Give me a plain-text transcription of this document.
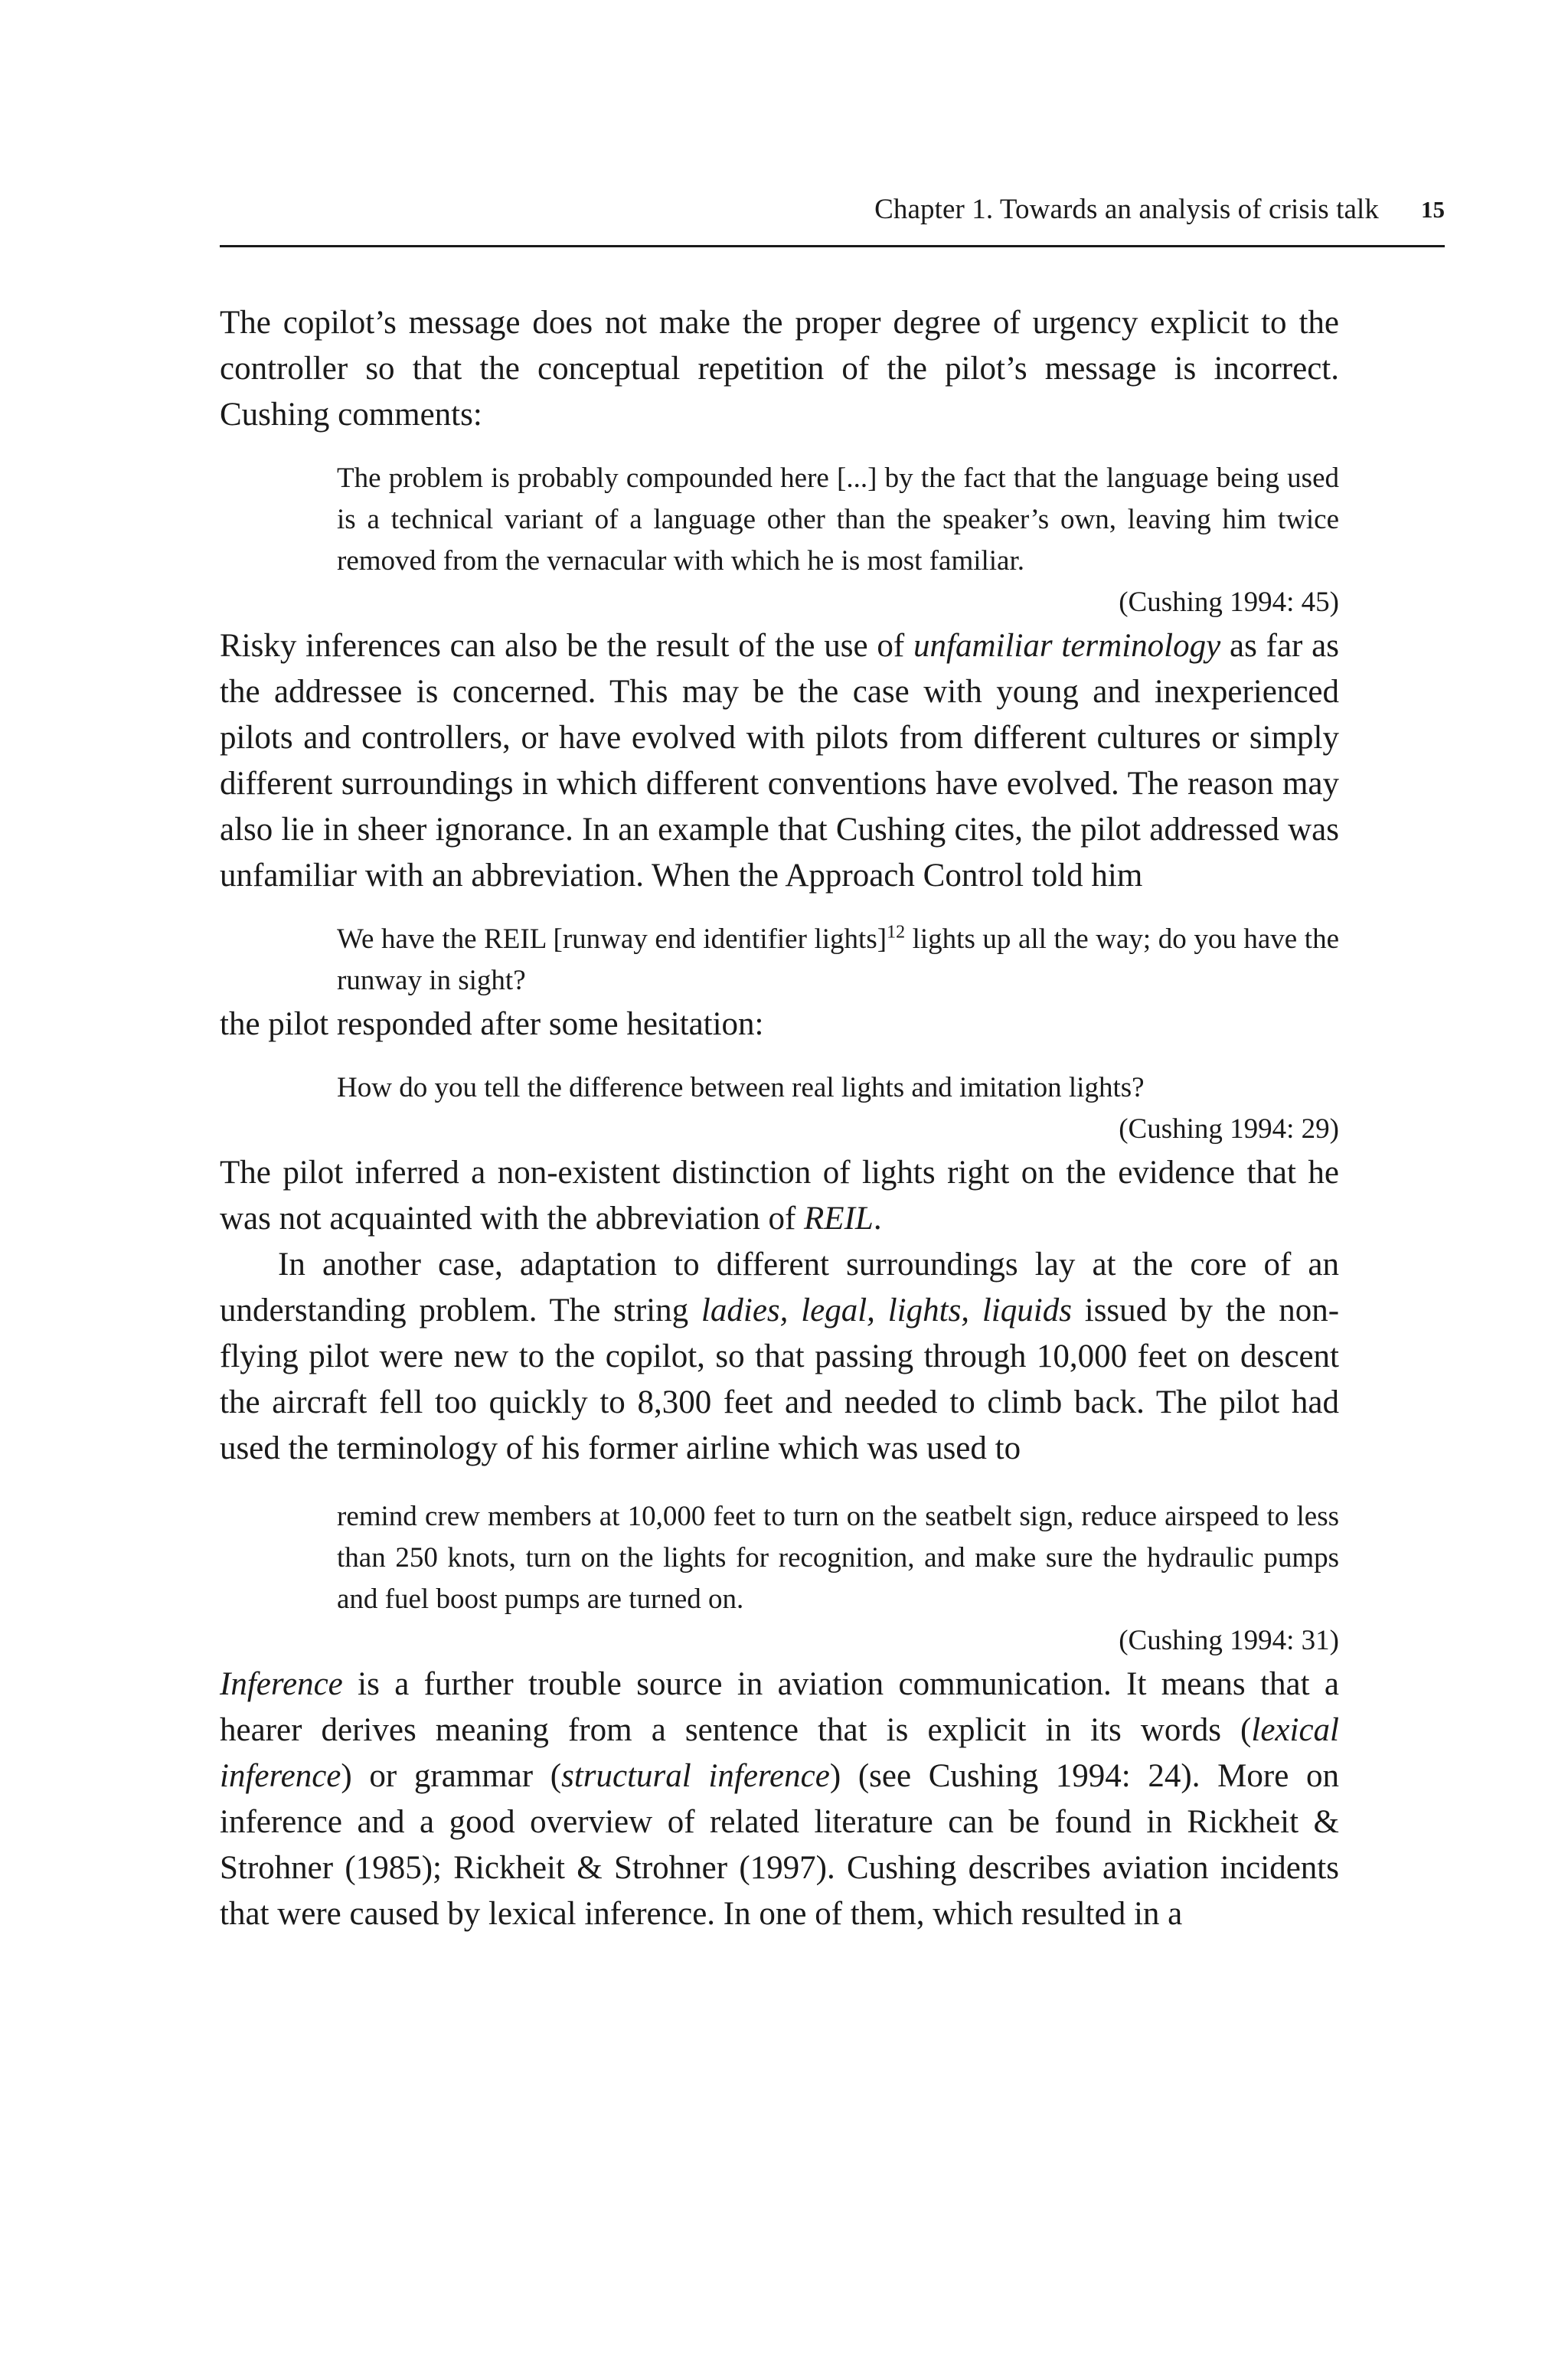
Chapter 1. Towards an analysis of crisis talk 15

The copilot’s message does not make the proper degree of urgency explicit to the controller so that the conceptual repetition of the pilot’s message is incorrect. Cushing comments:

The problem is probably compounded here [...] by the fact that the language being used is a technical variant of a language other than the speaker’s own, leaving him twice removed from the vernacular with which he is most familiar.
(Cushing 1994: 45)

Risky inferences can also be the result of the use of unfamiliar terminology as far as the addressee is concerned. This may be the case with young and inexperienced pilots and controllers, or have evolved with pilots from different cultures or simply different surroundings in which different conventions have evolved. The reason may also lie in sheer ignorance. In an example that Cushing cites, the pilot addressed was unfamiliar with an abbreviation. When the Approach Control told him

We have the REIL [runway end identifier lights]$^{12}$ lights up all the way; do you have the runway in sight?

the pilot responded after some hesitation:

How do you tell the difference between real lights and imitation lights?
(Cushing 1994: 29)

The pilot inferred a non-existent distinction of lights right on the evidence that he was not acquainted with the abbreviation of REIL.

In another case, adaptation to different surroundings lay at the core of an understanding problem. The string ladies, legal, lights, liquids issued by the non-flying pilot were new to the copilot, so that passing through 10,000 feet on descent the aircraft fell too quickly to 8,300 feet and needed to climb back. The pilot had used the terminology of his former airline which was used to

remind crew members at 10,000 feet to turn on the seatbelt sign, reduce airspeed to less than 250 knots, turn on the lights for recognition, and make sure the hydraulic pumps and fuel boost pumps are turned on.
(Cushing 1994: 31)

Inference is a further trouble source in aviation communication. It means that a hearer derives meaning from a sentence that is explicit in its words (lexical inference) or grammar (structural inference) (see Cushing 1994: 24). More on inference and a good overview of related literature can be found in Rickheit & Strohner (1985); Rickheit & Strohner (1997). Cushing describes aviation incidents that were caused by lexical inference. In one of them, which resulted in a
